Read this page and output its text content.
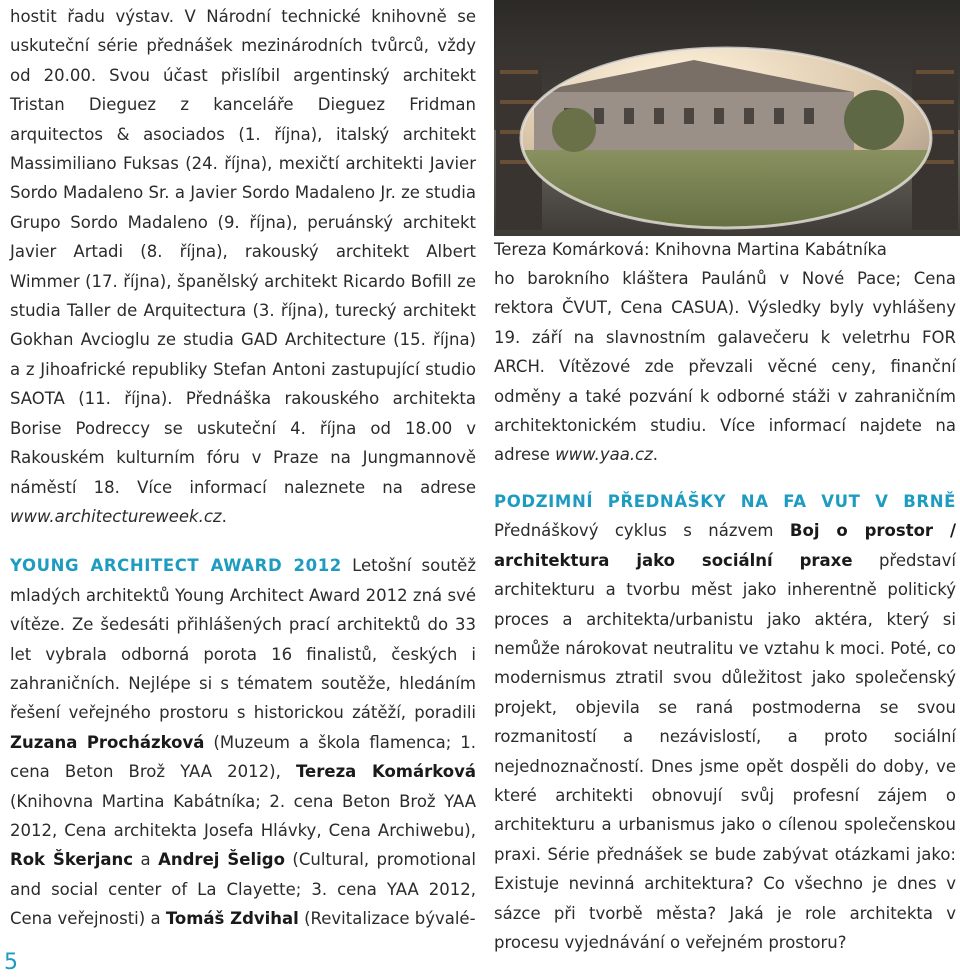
hostit řadu výstav. V Národní technické knihovně se uskuteční série přednášek mezinárodních tvůrců, vždy od 20.00. Svou účast přislíbil argentinský architekt Tristan Dieguez z kanceláře Dieguez Fridman arquitectos & asociados (1. října), italský architekt Massimiliano Fuksas (24. října), mexičtí architekti Javier Sordo Madaleno Sr. a Javier Sordo Madaleno Jr. ze studia Grupo Sordo Madaleno (9. října), peruánský architekt Javier Artadi (8. října), rakouský architekt Albert Wimmer (17. října), španělský architekt Ricardo Bofill ze studia Taller de Arquitectura (3. října), turecký architekt Gokhan Avcioglu ze studia GAD Architecture (15. října) a z Jihoafrické republiky Stefan Antoni zastupující studio SAOTA (11. října). Přednáška rakouského architekta Borise Podreccy se uskuteční 4. října od 18.00 v Rakouském kulturním fóru v Praze na Jungmannově náměstí 18. Více informací naleznete na adrese www.architectureweek.cz.

YOUNG ARCHITECT AWARD 2012 Letošní soutěž mladých architektů Young Architect Award 2012 zná své vítěze. Ze šedesáti přihlášených prací architektů do 33 let vybrala odborná porota 16 finalistů, českých i zahraničních. Nejlépe si s tématem soutěže, hledáním řešení veřejného prostoru s historickou zátěží, poradili Zuzana Procházková (Muzeum a škola flamenca; 1. cena Beton Brož YAA 2012), Tereza Komárková (Knihovna Martina Kabátníka; 2. cena Beton Brož YAA 2012, Cena architekta Josefa Hlávky, Cena Archiwebu), Rok Škerjanc a Andrej Šeligo (Cultural, promotional and social center of La Clayette; 3. cena YAA 2012, Cena veřejnosti) a Tomáš Zdvihal (Revitalizace bývalé-

Tereza Komárková: Knihovna Martina Kabátníka

ho barokního kláštera Paulánů v Nové Pace; Cena rektora ČVUT, Cena CASUA). Výsledky byly vyhlášeny 19. září na slavnostním galavečeru k veletrhu FOR ARCH. Vítězové zde převzali věcné ceny, finanční odměny a také pozvání k odborné stáži v zahraničním architektonickém studiu. Více informací najdete na adrese www.yaa.cz.

PODZIMNÍ PŘEDNÁŠKY NA FA VUT V BRNĚ Přednáškový cyklus s názvem Boj o prostor / architektura jako sociální praxe představí architekturu a tvorbu měst jako inherentně politický proces a architekta/urbanistu jako aktéra, který si nemůže nárokovat neutralitu ve vztahu k moci. Poté, co modernismus ztratil svou důležitost jako společenský projekt, objevila se raná postmoderna se svou rozmanitostí a nezávislostí, a proto sociální nejednoznačností. Dnes jsme opět dospěli do doby, ve které architekti obnovují svůj profesní zájem o architekturu a urbanismus jako o cílenou společenskou praxi. Série přednášek se bude zabývat otázkami jako: Existuje nevinná architektura? Co všechno je dnes v sázce při tvorbě města? Jaká je role architekta v procesu vyjednávání o veřejném prostoru?

5
